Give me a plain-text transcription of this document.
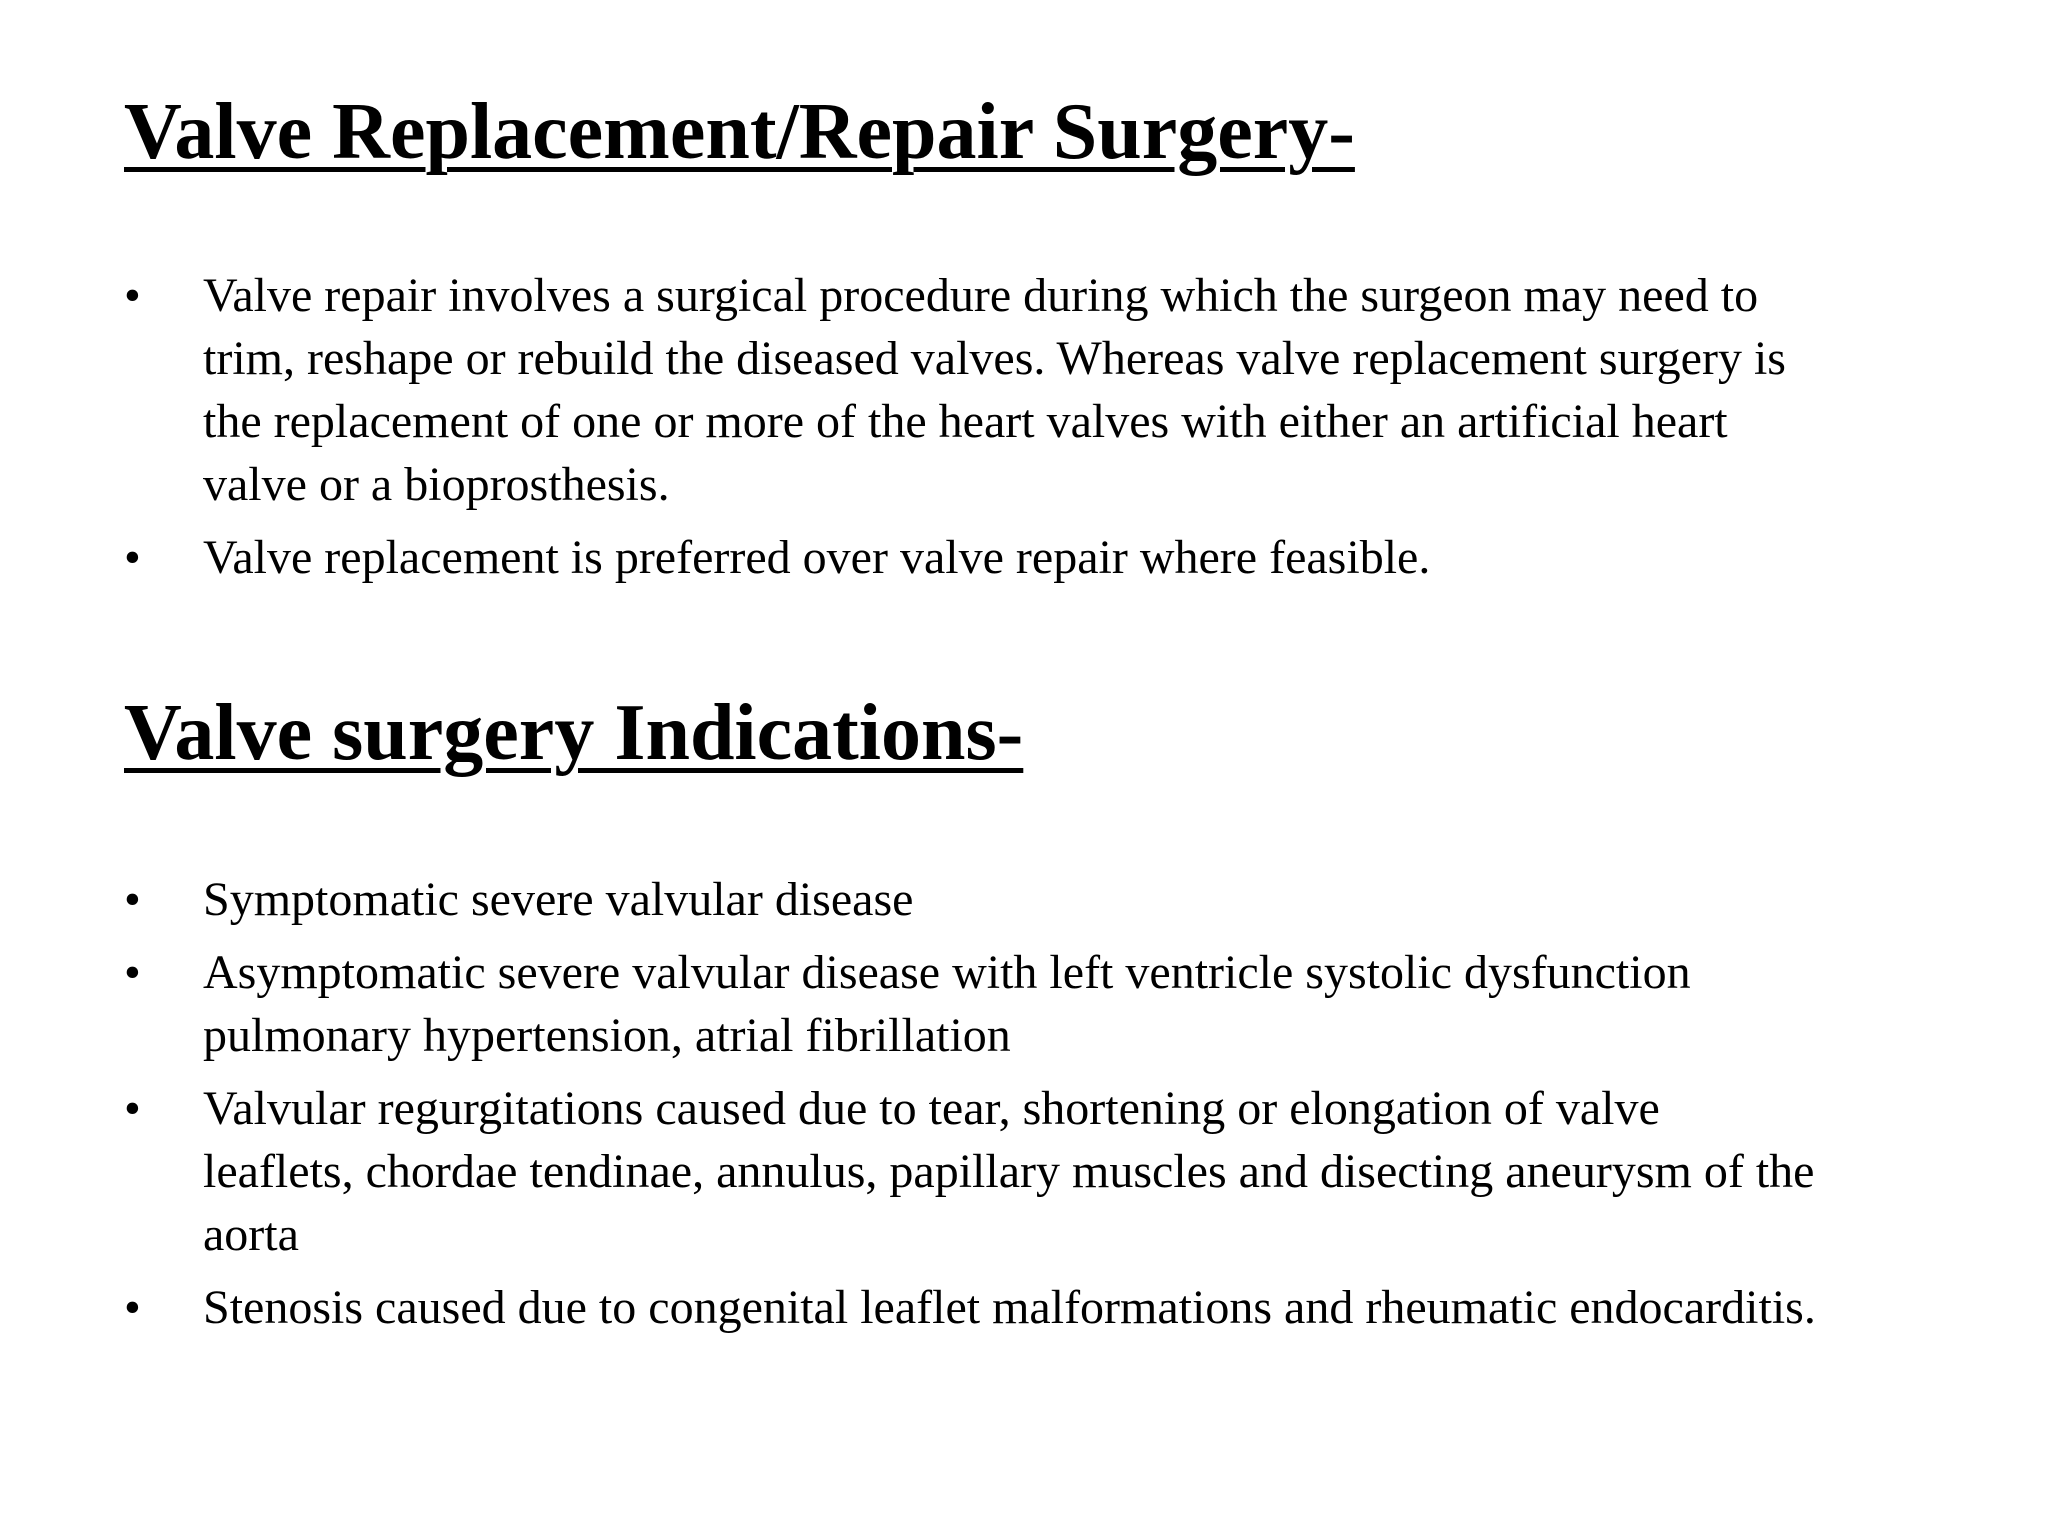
Valve Replacement/Repair Surgery-
• Valve repair involves a surgical procedure during which the surgeon may need to
trim, reshape or rebuild the diseased valves. Whereas valve replacement surgery is
the replacement of one or more of the heart valves with either an artificial heart
valve or a bioprosthesis.
• Valve replacement is preferred over valve repair where feasible.
Valve surgery Indications-
• Symptomatic severe valvular disease
• Asymptomatic severe valvular disease with left ventricle systolic dysfunction
pulmonary hypertension, atrial fibrillation
• Valvular regurgitations caused due to tear, shortening or elongation of valve
leaflets, chordae tendinae, annulus, papillary muscles and disecting aneurysm of the
aorta
• Stenosis caused due to congenital leaflet malformations and rheumatic endocarditis.
